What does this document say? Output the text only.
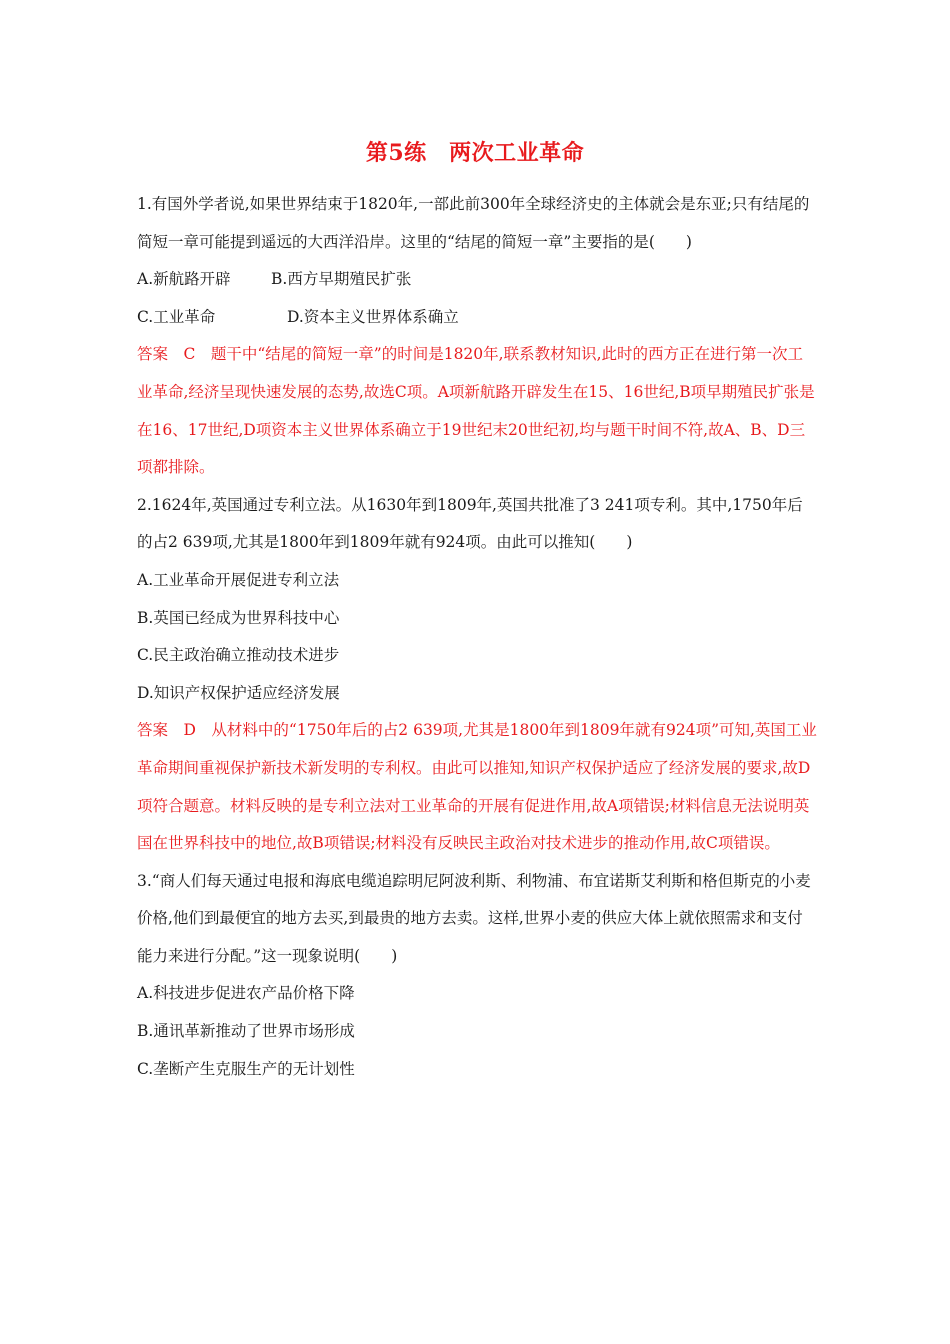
第5练　两次工业革命

1.有国外学者说,如果世界结束于1820年,一部此前300年全球经济史的主体就会是东亚;只有结尾的简短一章可能提到遥远的大西洋沿岸。这里的“结尾的简短一章”主要指的是(　　)

A.新航路开辟	B.西方早期殖民扩张
C.工业革命	D.资本主义世界体系确立

答案　C　题干中“结尾的简短一章”的时间是1820年,联系教材知识,此时的西方正在进行第一次工业革命,经济呈现快速发展的态势,故选C项。A项新航路开辟发生在15、16世纪,B项早期殖民扩张是在16、17世纪,D项资本主义世界体系确立于19世纪末20世纪初,均与题干时间不符,故A、B、D三项都排除。

2.1624年,英国通过专利立法。从1630年到1809年,英国共批准了3 241项专利。其中,1750年后的占2 639项,尤其是1800年到1809年就有924项。由此可以推知(　　)

A.工业革命开展促进专利立法

B.英国已经成为世界科技中心

C.民主政治确立推动技术进步

D.知识产权保护适应经济发展

答案　D　从材料中的“1750年后的占2 639项,尤其是1800年到1809年就有924项”可知,英国工业革命期间重视保护新技术新发明的专利权。由此可以推知,知识产权保护适应了经济发展的要求,故D项符合题意。材料反映的是专利立法对工业革命的开展有促进作用,故A项错误;材料信息无法说明英国在世界科技中的地位,故B项错误;材料没有反映民主政治对技术进步的推动作用,故C项错误。

3.“商人们每天通过电报和海底电缆追踪明尼阿波利斯、利物浦、布宜诺斯艾利斯和格但斯克的小麦价格,他们到最便宜的地方去买,到最贵的地方去卖。这样,世界小麦的供应大体上就依照需求和支付能力来进行分配。”这一现象说明(　　)

A.科技进步促进农产品价格下降

B.通讯革新推动了世界市场形成

C.垄断产生克服生产的无计划性
